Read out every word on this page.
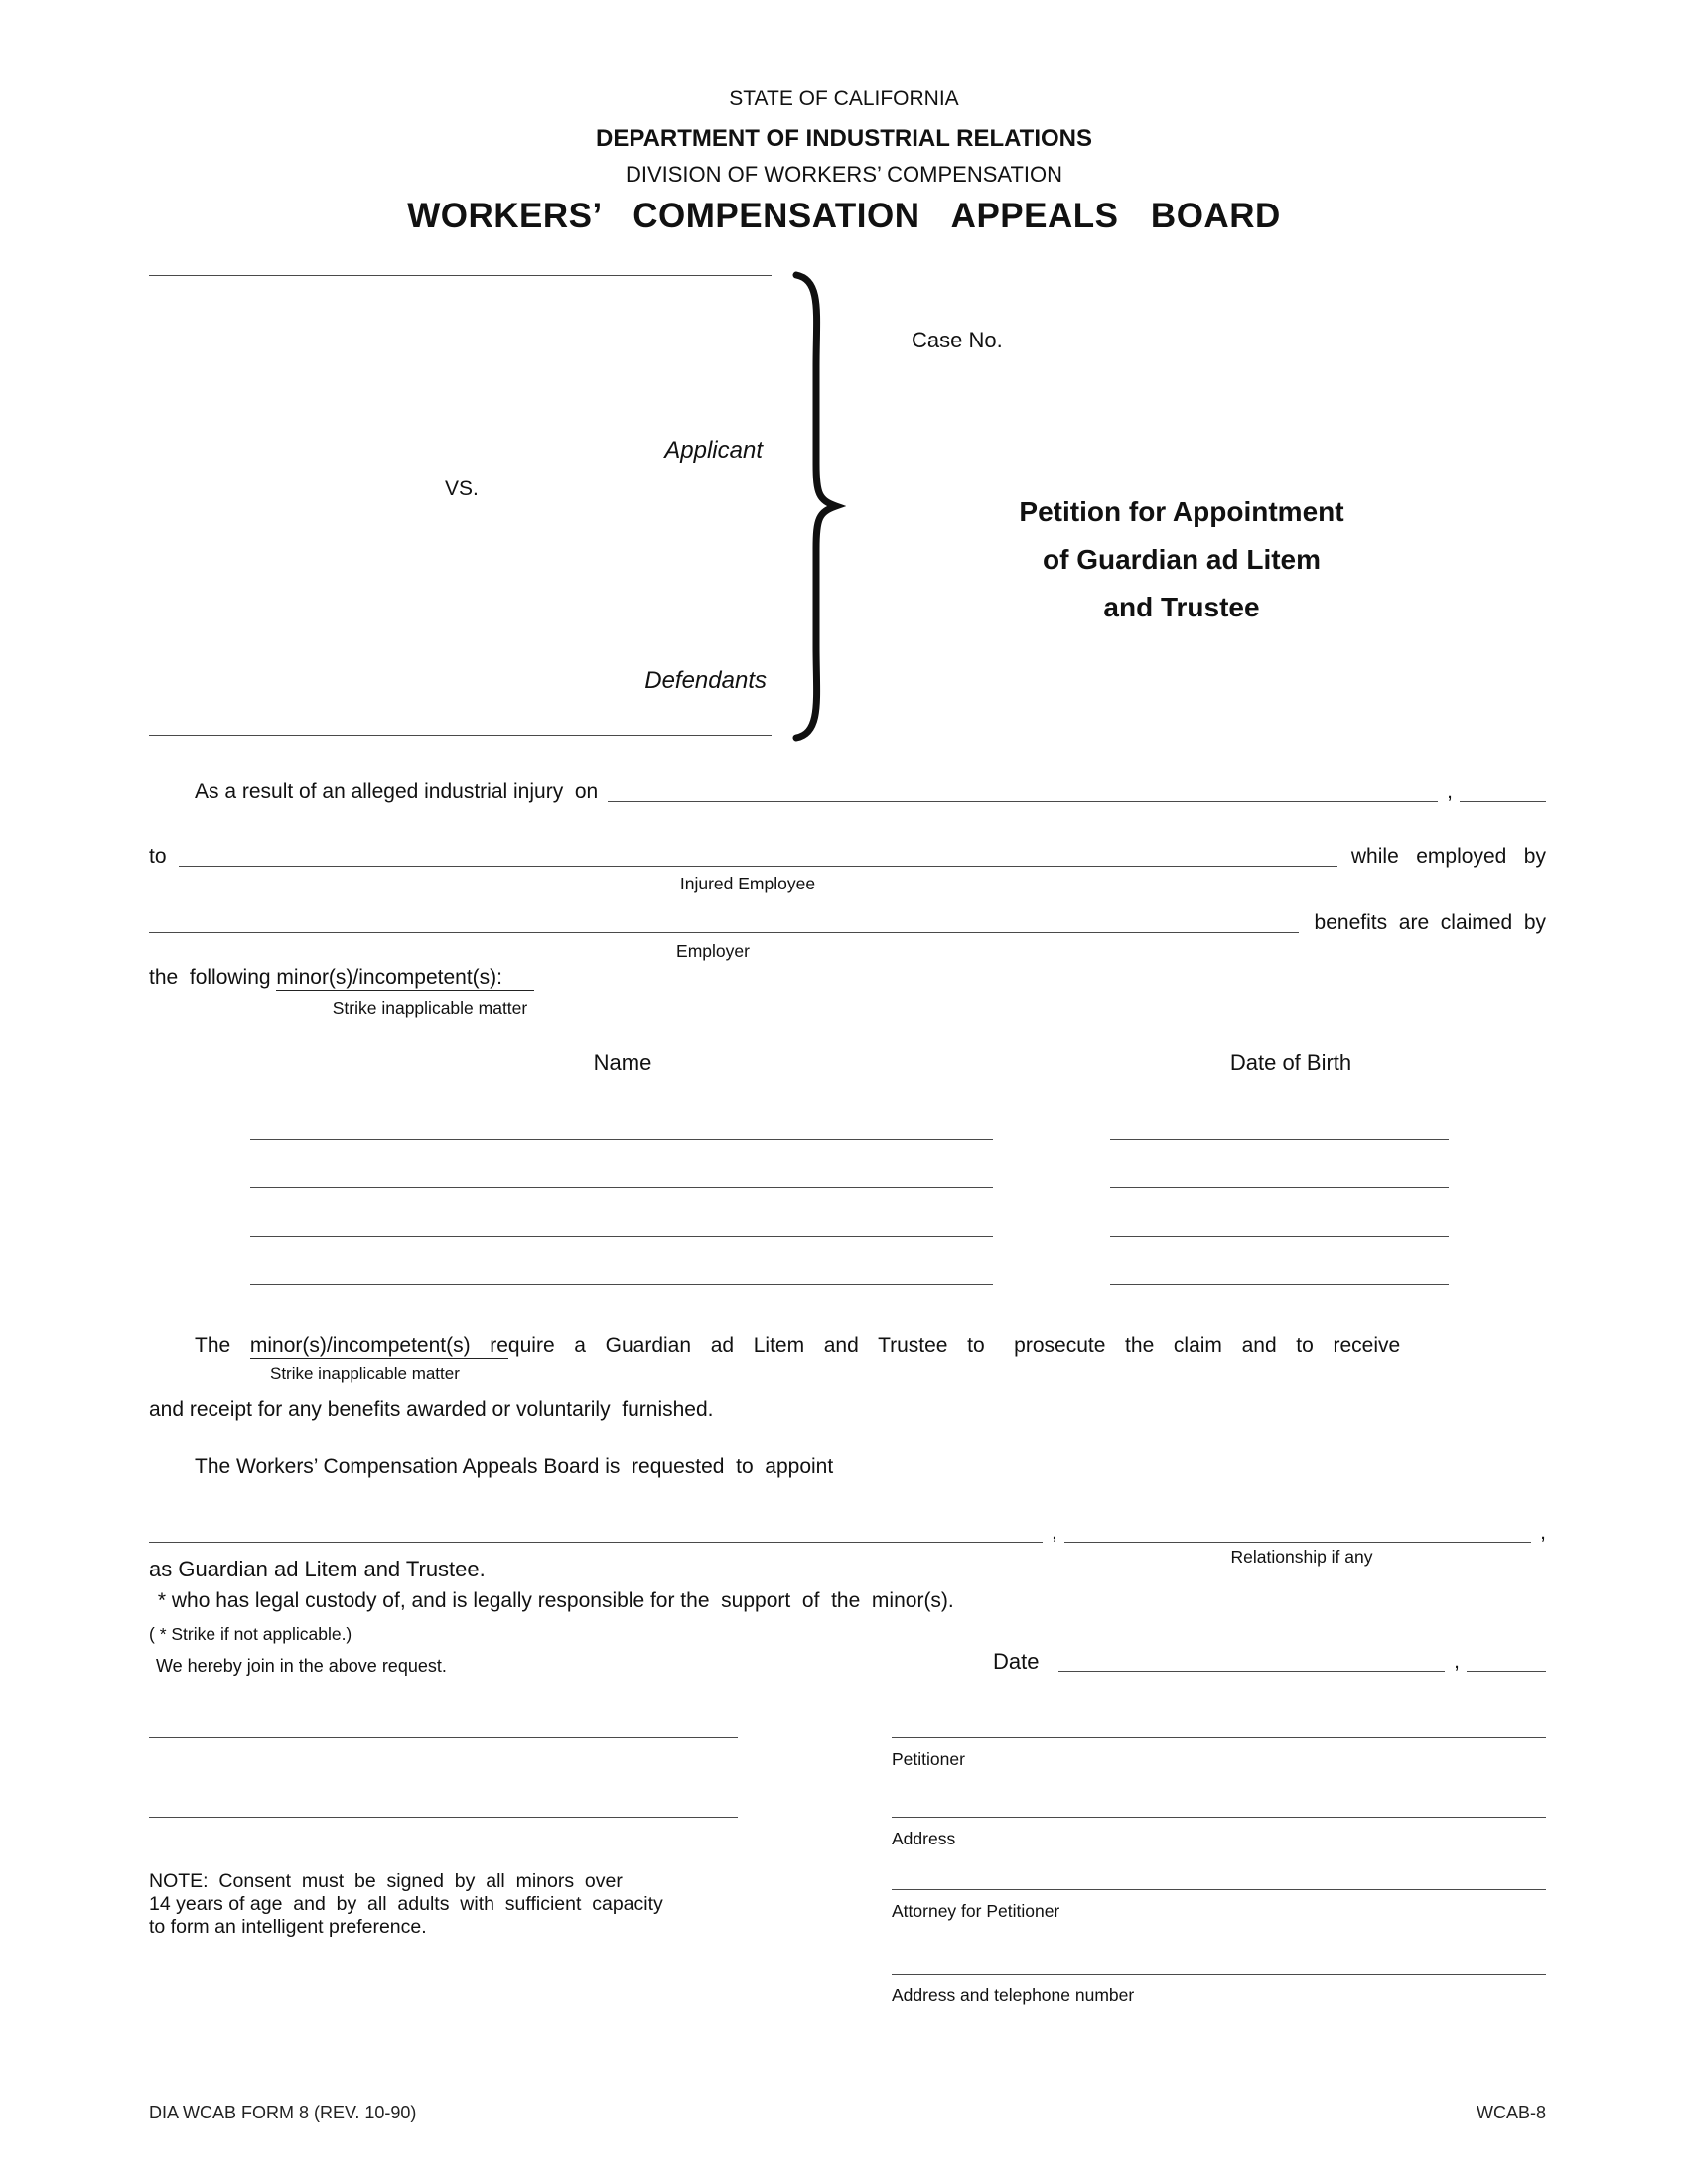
STATE OF CALIFORNIA
DEPARTMENT OF INDUSTRIAL RELATIONS
DIVISION OF WORKERS’ COMPENSATION
WORKERS’  COMPENSATION  APPEALS  BOARD
Applicant
VS.
Defendants
Case No.
Petition for Appointment
of Guardian ad Litem
and Trustee
As a result of an alleged industrial injury  on	,
to	while   employed   by
Injured Employee
benefits  are  claimed  by
Employer
the  following minor(s)/incompetent(s):
Strike inapplicable matter
Name	Date of Birth
The  minor(s)/incompetent(s)  require  a  Guardian  ad  Litem  and  Trustee  to   prosecute  the  claim  and  to  receive
Strike inapplicable matter
and receipt for any benefits awarded or voluntarily  furnished.
The Workers’ Compensation Appeals Board is  requested  to  appoint
,	,
Relationship if any
as Guardian ad Litem and Trustee.
* who has legal custody of, and is legally responsible for the  support  of  the  minor(s).
( * Strike if not applicable.)
We hereby join in the above request.	Date	,
Petitioner
Address
Attorney for Petitioner
Address and telephone number
NOTE:  Consent  must  be  signed  by  all  minors  over
14 years of age  and  by  all  adults  with  sufficient  capacity
to form an intelligent preference.
DIA WCAB FORM 8 (REV. 10-90)	WCAB-8
